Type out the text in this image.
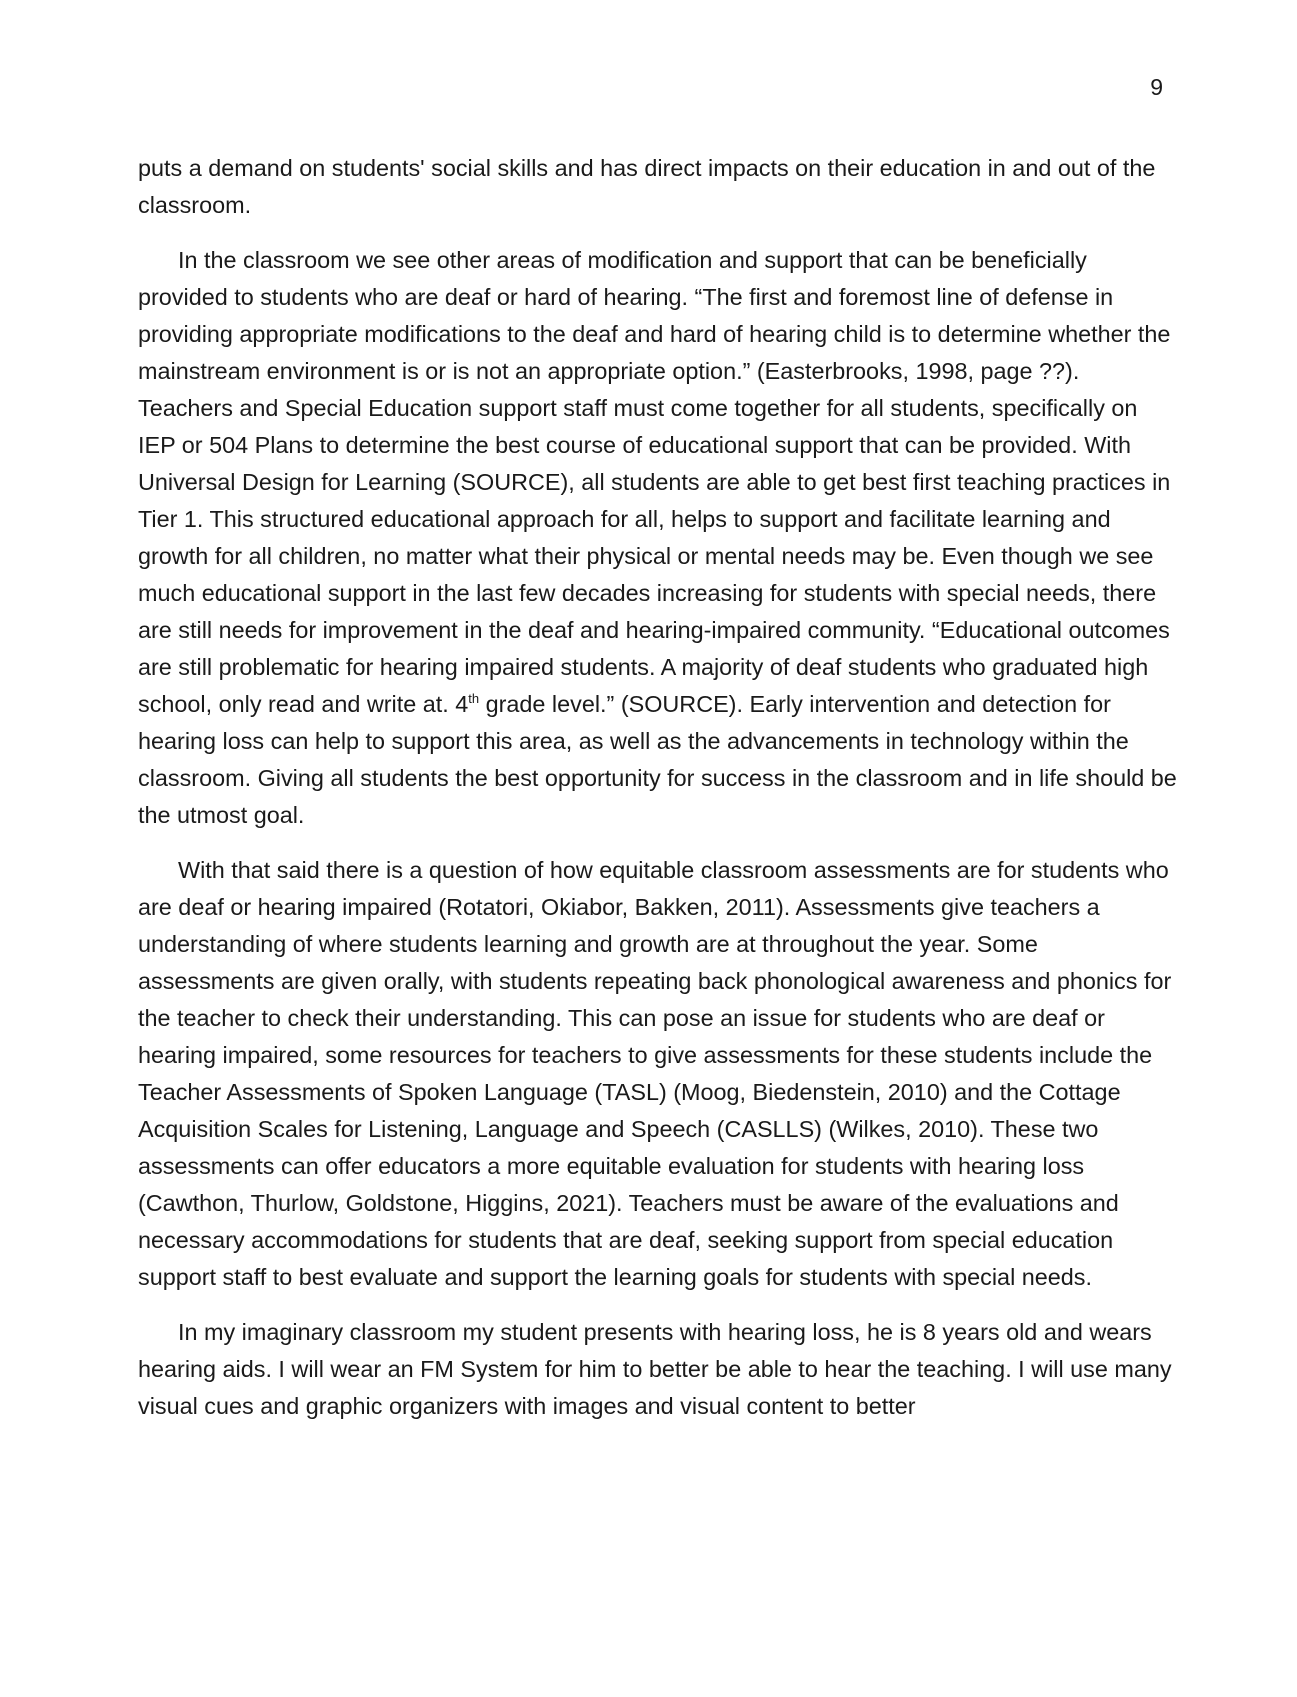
9

puts a demand on students' social skills and has direct impacts on their education in and out of the classroom.

In the classroom we see other areas of modification and support that can be beneficially provided to students who are deaf or hard of hearing. “The first and foremost line of defense in providing appropriate modifications to the deaf and hard of hearing child is to determine whether the mainstream environment is or is not an appropriate option.” (Easterbrooks, 1998, page ??). Teachers and Special Education support staff must come together for all students, specifically on IEP or 504 Plans to determine the best course of educational support that can be provided. With Universal Design for Learning (SOURCE), all students are able to get best first teaching practices in Tier 1. This structured educational approach for all, helps to support and facilitate learning and growth for all children, no matter what their physical or mental needs may be. Even though we see much educational support in the last few decades increasing for students with special needs, there are still needs for improvement in the deaf and hearing-impaired community. “Educational outcomes are still problematic for hearing impaired students. A majority of deaf students who graduated high school, only read and write at. 4th grade level.” (SOURCE). Early intervention and detection for hearing loss can help to support this area, as well as the advancements in technology within the classroom. Giving all students the best opportunity for success in the classroom and in life should be the utmost goal.

With that said there is a question of how equitable classroom assessments are for students who are deaf or hearing impaired (Rotatori, Okiabor, Bakken, 2011). Assessments give teachers a understanding of where students learning and growth are at throughout the year. Some assessments are given orally, with students repeating back phonological awareness and phonics for the teacher to check their understanding. This can pose an issue for students who are deaf or hearing impaired, some resources for teachers to give assessments for these students include the Teacher Assessments of Spoken Language (TASL) (Moog, Biedenstein, 2010) and the Cottage Acquisition Scales for Listening, Language and Speech (CASLLS) (Wilkes, 2010). These two assessments can offer educators a more equitable evaluation for students with hearing loss (Cawthon, Thurlow, Goldstone, Higgins, 2021). Teachers must be aware of the evaluations and necessary accommodations for students that are deaf, seeking support from special education support staff to best evaluate and support the learning goals for students with special needs.

In my imaginary classroom my student presents with hearing loss, he is 8 years old and wears hearing aids. I will wear an FM System for him to better be able to hear the teaching. I will use many visual cues and graphic organizers with images and visual content to better
